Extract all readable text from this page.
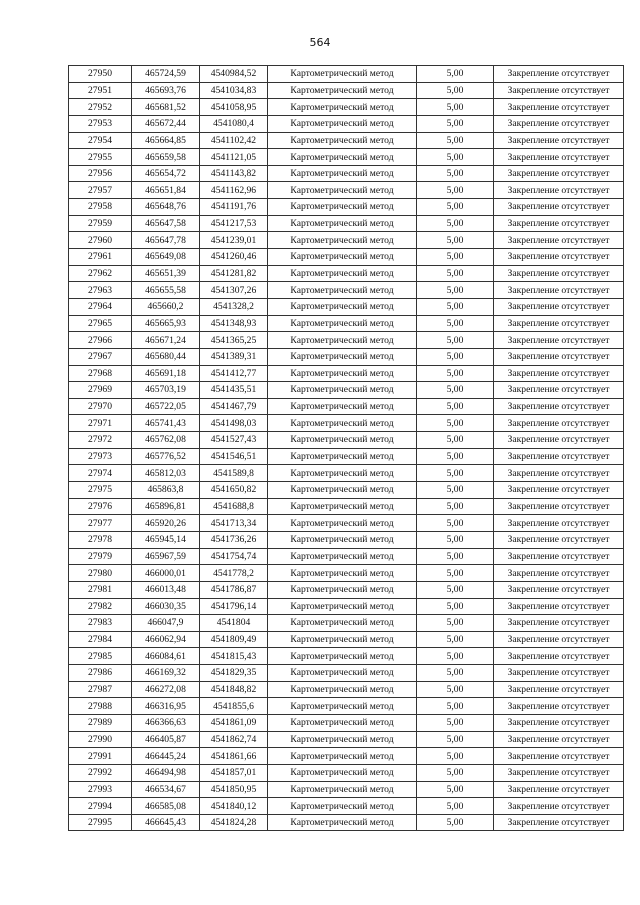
564
27950	465724,59	4540984,52	Картометрический метод	5,00	Закрепление отсутствует
27951	465693,76	4541034,83	Картометрический метод	5,00	Закрепление отсутствует
27952	465681,52	4541058,95	Картометрический метод	5,00	Закрепление отсутствует
27953	465672,44	4541080,4	Картометрический метод	5,00	Закрепление отсутствует
27954	465664,85	4541102,42	Картометрический метод	5,00	Закрепление отсутствует
27955	465659,58	4541121,05	Картометрический метод	5,00	Закрепление отсутствует
27956	465654,72	4541143,82	Картометрический метод	5,00	Закрепление отсутствует
27957	465651,84	4541162,96	Картометрический метод	5,00	Закрепление отсутствует
27958	465648,76	4541191,76	Картометрический метод	5,00	Закрепление отсутствует
27959	465647,58	4541217,53	Картометрический метод	5,00	Закрепление отсутствует
27960	465647,78	4541239,01	Картометрический метод	5,00	Закрепление отсутствует
27961	465649,08	4541260,46	Картометрический метод	5,00	Закрепление отсутствует
27962	465651,39	4541281,82	Картометрический метод	5,00	Закрепление отсутствует
27963	465655,58	4541307,26	Картометрический метод	5,00	Закрепление отсутствует
27964	465660,2	4541328,2	Картометрический метод	5,00	Закрепление отсутствует
27965	465665,93	4541348,93	Картометрический метод	5,00	Закрепление отсутствует
27966	465671,24	4541365,25	Картометрический метод	5,00	Закрепление отсутствует
27967	465680,44	4541389,31	Картометрический метод	5,00	Закрепление отсутствует
27968	465691,18	4541412,77	Картометрический метод	5,00	Закрепление отсутствует
27969	465703,19	4541435,51	Картометрический метод	5,00	Закрепление отсутствует
27970	465722,05	4541467,79	Картометрический метод	5,00	Закрепление отсутствует
27971	465741,43	4541498,03	Картометрический метод	5,00	Закрепление отсутствует
27972	465762,08	4541527,43	Картометрический метод	5,00	Закрепление отсутствует
27973	465776,52	4541546,51	Картометрический метод	5,00	Закрепление отсутствует
27974	465812,03	4541589,8	Картометрический метод	5,00	Закрепление отсутствует
27975	465863,8	4541650,82	Картометрический метод	5,00	Закрепление отсутствует
27976	465896,81	4541688,8	Картометрический метод	5,00	Закрепление отсутствует
27977	465920,26	4541713,34	Картометрический метод	5,00	Закрепление отсутствует
27978	465945,14	4541736,26	Картометрический метод	5,00	Закрепление отсутствует
27979	465967,59	4541754,74	Картометрический метод	5,00	Закрепление отсутствует
27980	466000,01	4541778,2	Картометрический метод	5,00	Закрепление отсутствует
27981	466013,48	4541786,87	Картометрический метод	5,00	Закрепление отсутствует
27982	466030,35	4541796,14	Картометрический метод	5,00	Закрепление отсутствует
27983	466047,9	4541804	Картометрический метод	5,00	Закрепление отсутствует
27984	466062,94	4541809,49	Картометрический метод	5,00	Закрепление отсутствует
27985	466084,61	4541815,43	Картометрический метод	5,00	Закрепление отсутствует
27986	466169,32	4541829,35	Картометрический метод	5,00	Закрепление отсутствует
27987	466272,08	4541848,82	Картометрический метод	5,00	Закрепление отсутствует
27988	466316,95	4541855,6	Картометрический метод	5,00	Закрепление отсутствует
27989	466366,63	4541861,09	Картометрический метод	5,00	Закрепление отсутствует
27990	466405,87	4541862,74	Картометрический метод	5,00	Закрепление отсутствует
27991	466445,24	4541861,66	Картометрический метод	5,00	Закрепление отсутствует
27992	466494,98	4541857,01	Картометрический метод	5,00	Закрепление отсутствует
27993	466534,67	4541850,95	Картометрический метод	5,00	Закрепление отсутствует
27994	466585,08	4541840,12	Картометрический метод	5,00	Закрепление отсутствует
27995	466645,43	4541824,28	Картометрический метод	5,00	Закрепление отсутствует
